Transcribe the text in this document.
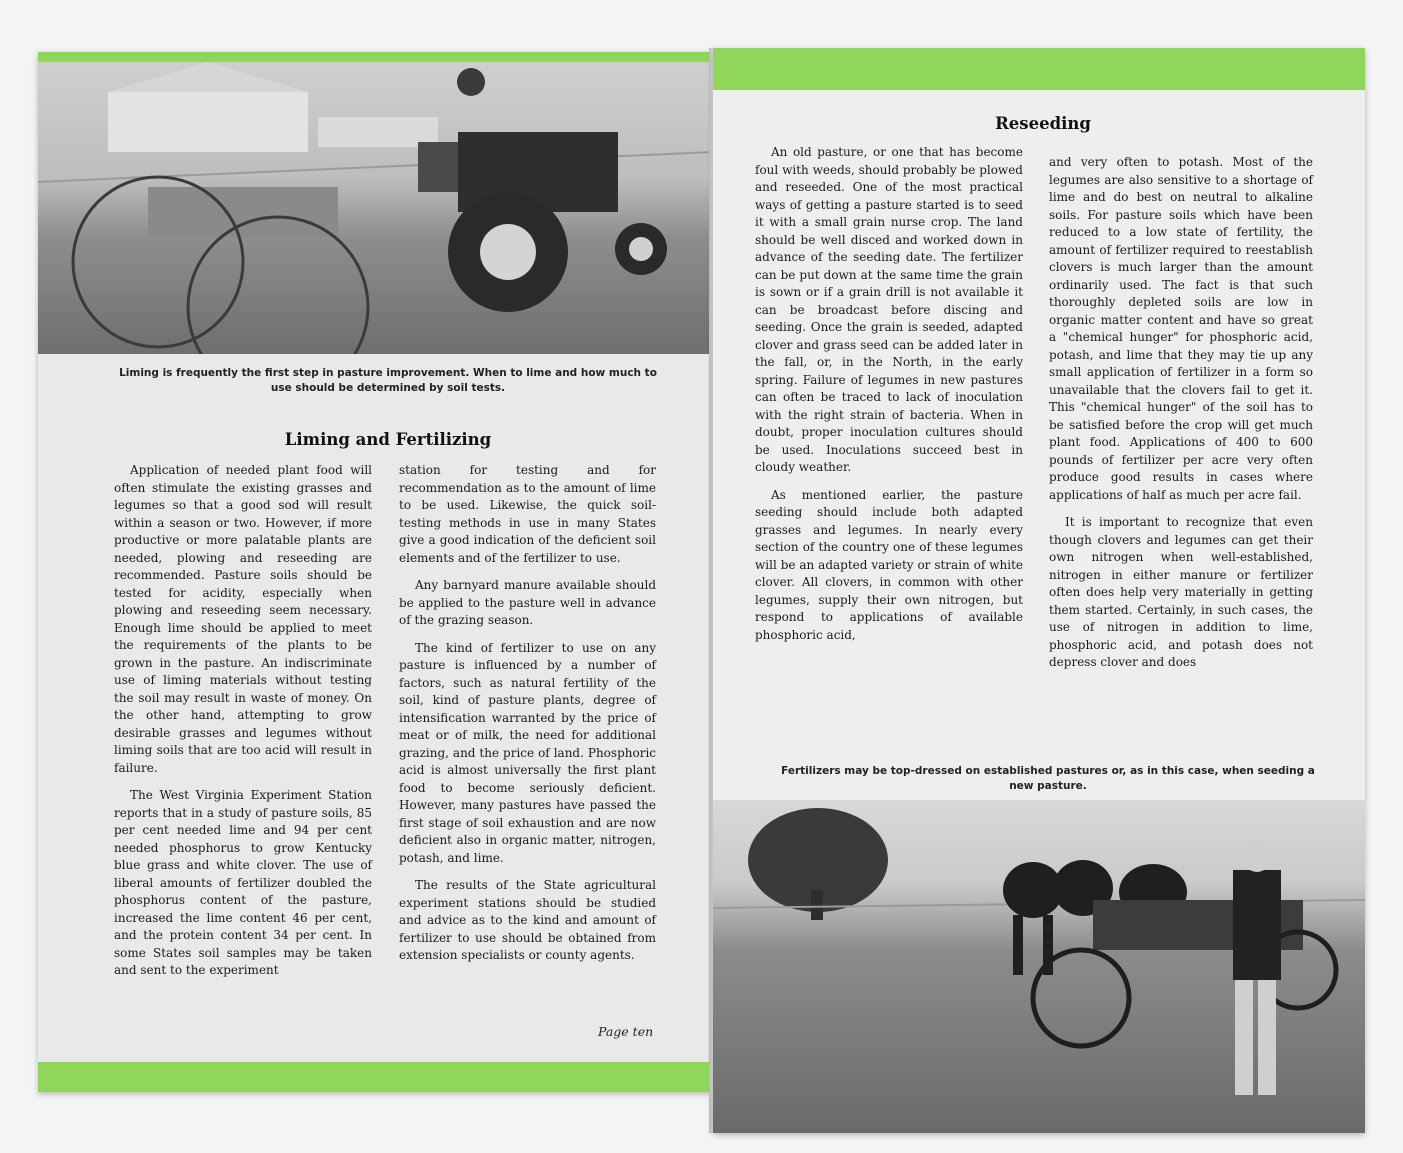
Liming is frequently the first step in pasture improvement. When to lime and how much to use should be determined by soil tests.
Liming and Fertilizing

Application of needed plant food will often stimulate the existing grasses and legumes so that a good sod will result within a season or two. However, if more productive or more palatable plants are needed, plowing and reseeding are recommended. Pasture soils should be tested for acidity, especially when plowing and reseeding seem necessary. Enough lime should be applied to meet the requirements of the plants to be grown in the pasture. An indiscriminate use of liming materials without testing the soil may result in waste of money. On the other hand, attempting to grow desirable grasses and legumes without liming soils that are too acid will result in failure.

The West Virginia Experiment Station reports that in a study of pasture soils, 85 per cent needed lime and 94 per cent needed phosphorus to grow Kentucky blue grass and white clover. The use of liberal amounts of fertilizer doubled the phosphorus content of the pasture, increased the lime content 46 per cent, and the protein content 34 per cent. In some States soil samples may be taken and sent to the experiment

station for testing and for recommendation as to the amount of lime to be used. Likewise, the quick soil-testing methods in use in many States give a good indication of the deficient soil elements and of the fertilizer to use.

Any barnyard manure available should be applied to the pasture well in advance of the grazing season.

The kind of fertilizer to use on any pasture is influenced by a number of factors, such as natural fertility of the soil, kind of pasture plants, degree of intensification warranted by the price of meat or of milk, the need for additional grazing, and the price of land. Phosphoric acid is almost universally the first plant food to become seriously deficient. However, many pastures have passed the first stage of soil exhaustion and are now deficient also in organic matter, nitrogen, potash, and lime.

The results of the State agricultural experiment stations should be studied and advice as to the kind and amount of fertilizer to use should be obtained from extension specialists or county agents.

Page ten
Reseeding

An old pasture, or one that has become foul with weeds, should probably be plowed and reseeded. One of the most practical ways of getting a pasture started is to seed it with a small grain nurse crop. The land should be well disced and worked down in advance of the seeding date. The fertilizer can be put down at the same time the grain is sown or if a grain drill is not available it can be broadcast before discing and seeding. Once the grain is seeded, adapted clover and grass seed can be added later in the fall, or, in the North, in the early spring. Failure of legumes in new pastures can often be traced to lack of inoculation with the right strain of bacteria. When in doubt, proper inoculation cultures should be used. Inoculations succeed best in cloudy weather.

As mentioned earlier, the pasture seeding should include both adapted grasses and legumes. In nearly every section of the country one of these legumes will be an adapted variety or strain of white clover. All clovers, in common with other legumes, supply their own nitrogen, but respond to applications of available phosphoric acid,

and very often to potash. Most of the legumes are also sensitive to a shortage of lime and do best on neutral to alkaline soils. For pasture soils which have been reduced to a low state of fertility, the amount of fertilizer required to reestablish clovers is much larger than the amount ordinarily used. The fact is that such thoroughly depleted soils are low in organic matter content and have so great a "chemical hunger" for phosphoric acid, potash, and lime that they may tie up any small application of fertilizer in a form so unavailable that the clovers fail to get it. This "chemical hunger" of the soil has to be satisfied before the crop will get much plant food. Applications of 400 to 600 pounds of fertilizer per acre very often produce good results in cases where applications of half as much per acre fail.

It is important to recognize that even though clovers and legumes can get their own nitrogen when well-established, nitrogen in either manure or fertilizer often does help very materially in getting them started. Certainly, in such cases, the use of nitrogen in addition to lime, phosphoric acid, and potash does not depress clover and does

Fertilizers may be top-dressed on established pastures or, as in this case, when seeding a new pasture.
